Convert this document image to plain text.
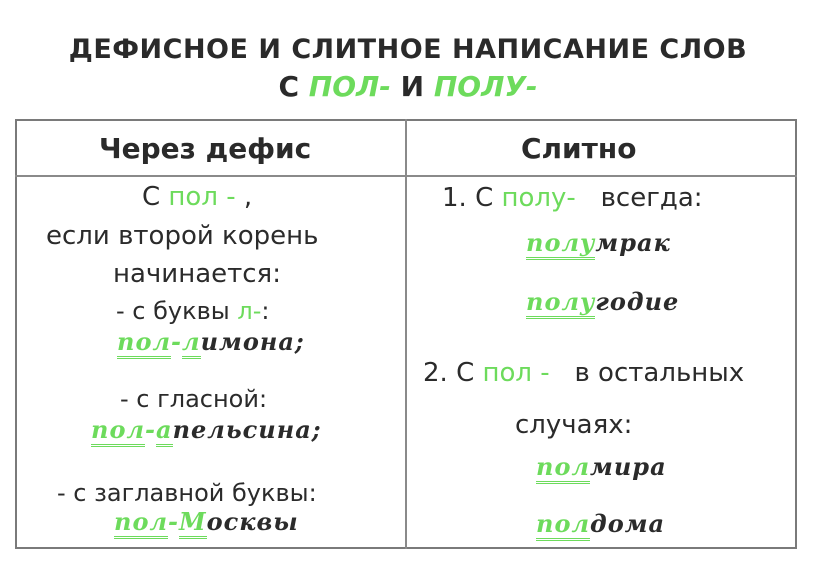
ДЕФИСНОЕ И СЛИТНОЕ НАПИСАНИЕ СЛОВ
С ПОЛ- И ПОЛУ-
Через дефис	Слитно
С пол - ,
если второй корень
начинается:
- с буквы л-:
пол-лимона;
- с гласной:
пол-апельсина;
- с заглавной буквы:
пол-Москвы
1. С полу- всегда:
полумрак
полугодие
2. С пол - в остальных
случаях:
полмира
полдома
